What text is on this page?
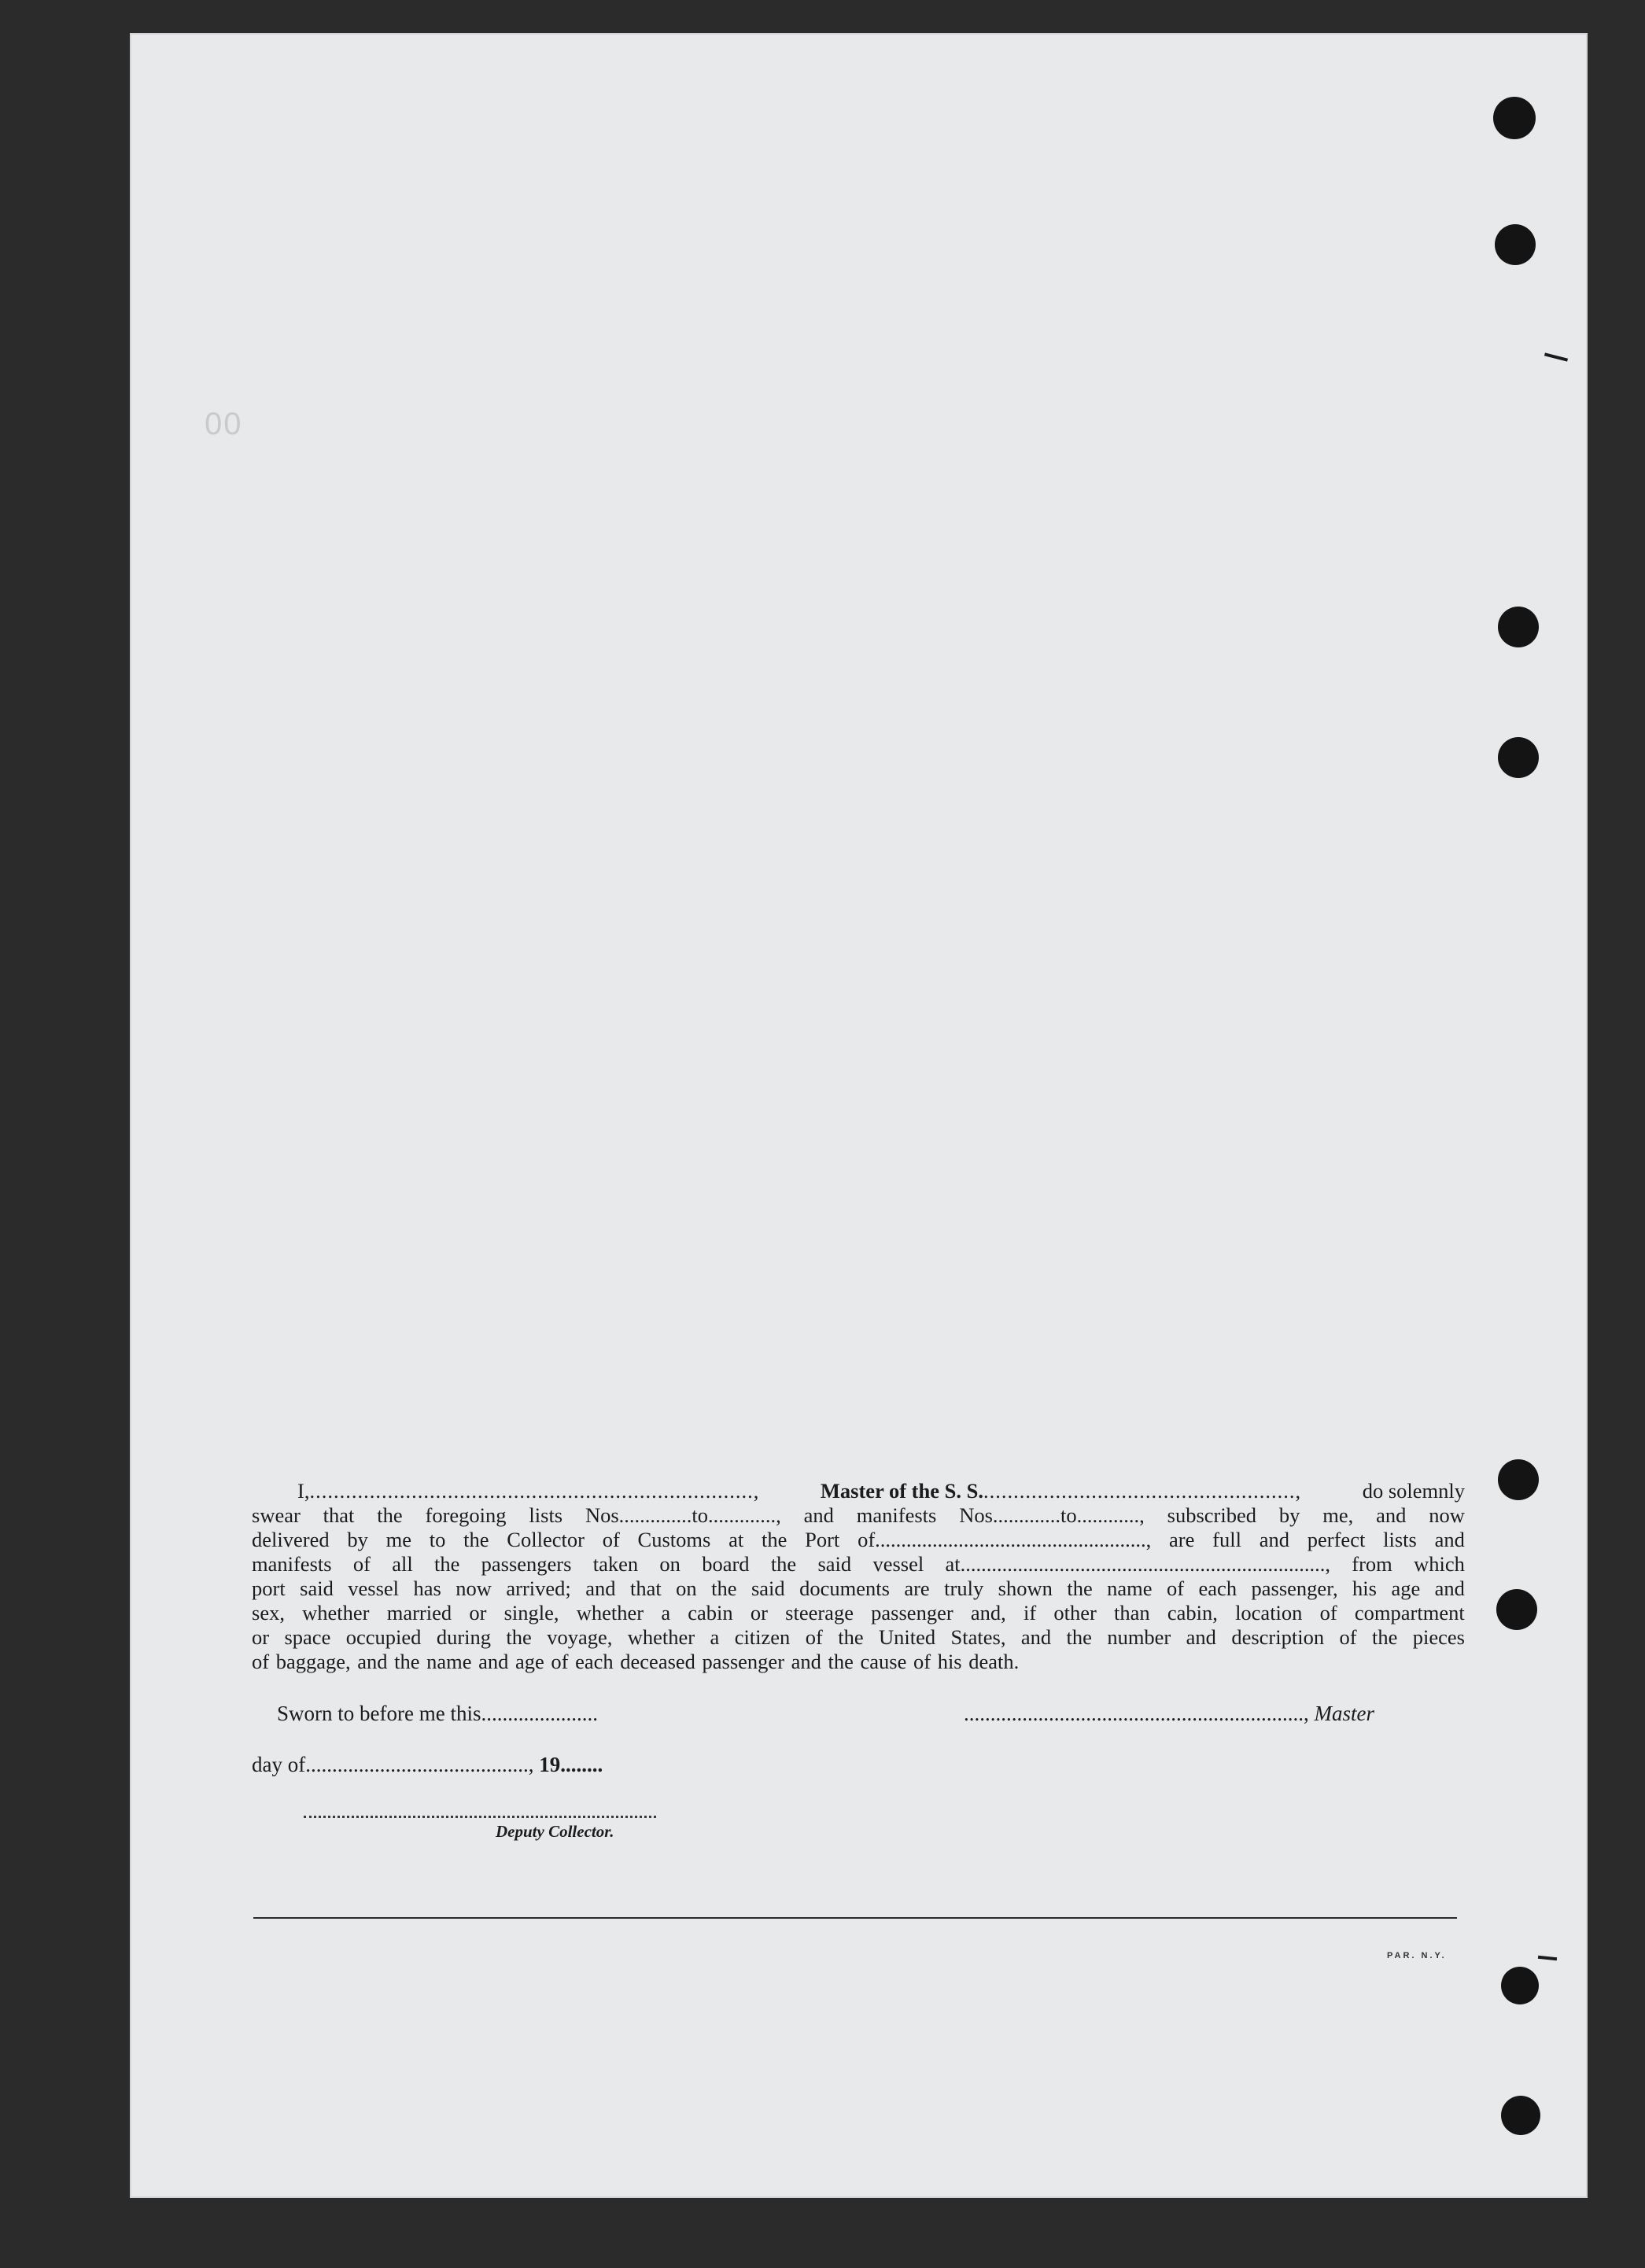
00
I,..........................................................................,	Master of the S. S.....................................................,	do solemnly
swear that the foregoing lists Nos..............to............., and manifests Nos.............to............, subscribed by me, and now
delivered by me to the Collector of Customs at the Port of...................................................., are full and perfect lists and
manifests of all the passengers taken on board the said vessel at......................................................................, from which
port said vessel has now arrived; and that on the said documents are truly shown the name of each passenger, his age and
sex, whether married or single, whether a cabin or steerage passenger and, if other than cabin, location of compartment
or space occupied during the voyage, whether a citizen of the United States, and the number and description of the pieces
of baggage, and the name and age of each deceased passenger and the cause of his death.
Sworn to before me this......................	................................................................, Master
day of.........................................., 19........
Deputy Collector.
PAR. N.Y.
